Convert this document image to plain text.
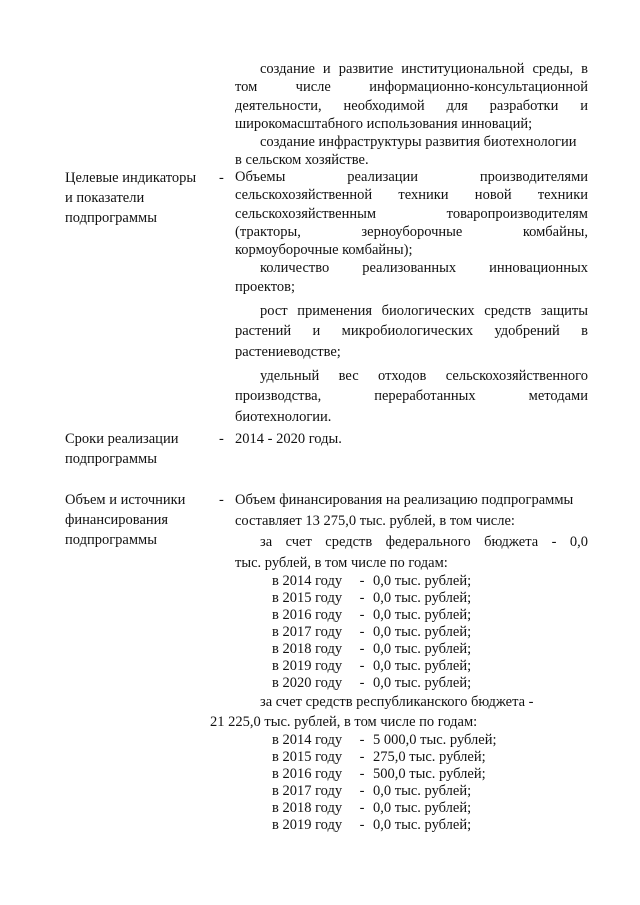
создание и развитие институциональной среды, в
том числе информационно-консультационной
деятельности, необходимой для разработки и
широкомасштабного использования инноваций;
создание инфраструктуры развития биотехнологии
в сельском хозяйстве.
Целевые индикаторы
и показатели
подпрограммы
- Объемы реализации производителями
сельскохозяйственной техники новой техники
сельскохозяйственным товаропроизводителям
(тракторы, зерноуборочные комбайны,
кормоуборочные комбайны);
количество реализованных инновационных
проектов;
рост применения биологических средств защиты
растений и микробиологических удобрений в
растениеводстве;
удельный вес отходов сельскохозяйственного
производства, переработанных методами
биотехнологии.
Сроки реализации
подпрограммы
- 2014 - 2020 годы.
Объем и источники
финансирования
подпрограммы
- Объем финансирования на реализацию подпрограммы
составляет 13 275,0 тыс. рублей, в том числе:
за счет средств федерального бюджета - 0,0
тыс. рублей, в том числе по годам:
в 2014 году	- 0,0 тыс. рублей;
в 2015 году	- 0,0 тыс. рублей;
в 2016 году	- 0,0 тыс. рублей;
в 2017 году	- 0,0 тыс. рублей;
в 2018 году	- 0,0 тыс. рублей;
в 2019 году	- 0,0 тыс. рублей;
в 2020 году	- 0,0 тыс. рублей;
за счет средств республиканского бюджета -
21 225,0 тыс. рублей, в том числе по годам:
в 2014 году	- 5 000,0 тыс. рублей;
в 2015 году	- 275,0 тыс. рублей;
в 2016 году	- 500,0 тыс. рублей;
в 2017 году	- 0,0 тыс. рублей;
в 2018 году	- 0,0 тыс. рублей;
в 2019 году	- 0,0 тыс. рублей;
